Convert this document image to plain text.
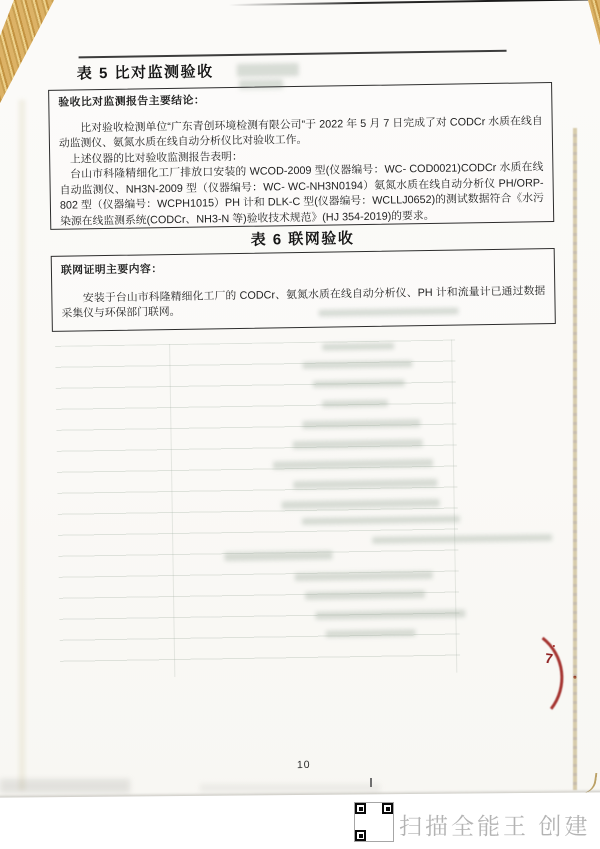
表 5 比对监测验收
验收比对监测报告主要结论：
比对验收检测单位“广东青创环境检测有限公司”于 2022 年 5 月 7 日完成了对 CODCr 水质在线自动监测仪、氨氮水质在线自动分析仪比对验收工作。
上述仪器的比对验收监测报告表明：
台山市科隆精细化工厂排放口安装的 WCOD-2009 型(仪器编号：WC- COD0021)CODCr 水质在线自动监测仪、NH3N-2009 型（仪器编号：WC- WC-NH3N0194）氨氮水质在线自动分析仪 PH/ORP-802 型（仪器编号：WCPH1015）PH 计和 DLK-C 型(仪器编号：WCLLJ0652)的测试数据符合《水污染源在线监测系统(CODCr、NH3-N 等)验收技术规范》(HJ 354-2019)的要求。
表 6 联网验收
联网证明主要内容：
安装于台山市科隆精细化工厂的 CODCr、氨氮水质在线自动分析仪、PH 计和流量计已通过数据采集仪与环保部门联网。
7
10
扫描全能王 创建
